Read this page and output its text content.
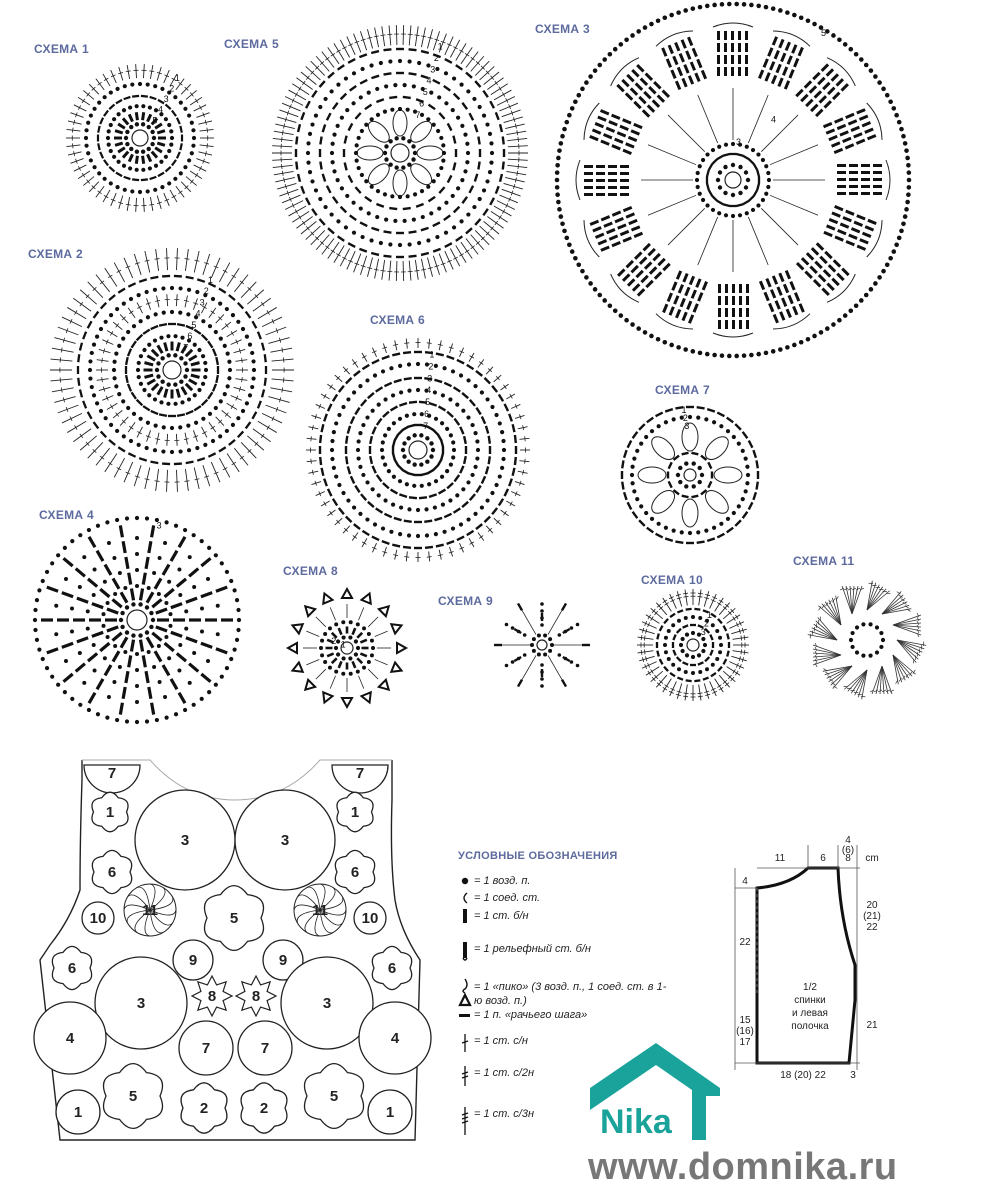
5
4
3
2
1
7
6
5
4
3
2
1
7
6
5
4
3
2
1
3
4
5
7
6
5
4
3
2
1
3
2
1
3
1
2
3
2
1
7	7
1
3	3
1
6	6
10 11	5	11 10
6	9	9	6
3	8 8	3
4	4
7	7
5
2	2
5
1	1
11	6 8
4
(6)
cm
4
22
15
(16)
17
20
(21)
22
21
18 (20) 22 3
1/2
спинки
и левая
полочка
СХЕМА 1	СХЕМА 5
СХЕМА 3
СХЕМА 2
СХЕМА 6
СХЕМА 7
СХЕМА 4
СХЕМА 8
СХЕМА 11
СХЕМА 10
СХЕМА 9
УСЛОВНЫЕ ОБОЗНАЧЕНИЯ
= 1 возд. п.
= 1 соед. ст.
= 1 ст. б/н
= 1 рельефный ст. б/н
= 1 «пико» (3 возд. п., 1 соед. ст. в 1-ю возд. п.)
= 1 п. «рачьего шага»
= 1 ст. с/н
= 1 ст. с/2н
= 1 ст. с/3н	Nika
www.domnika.ru
